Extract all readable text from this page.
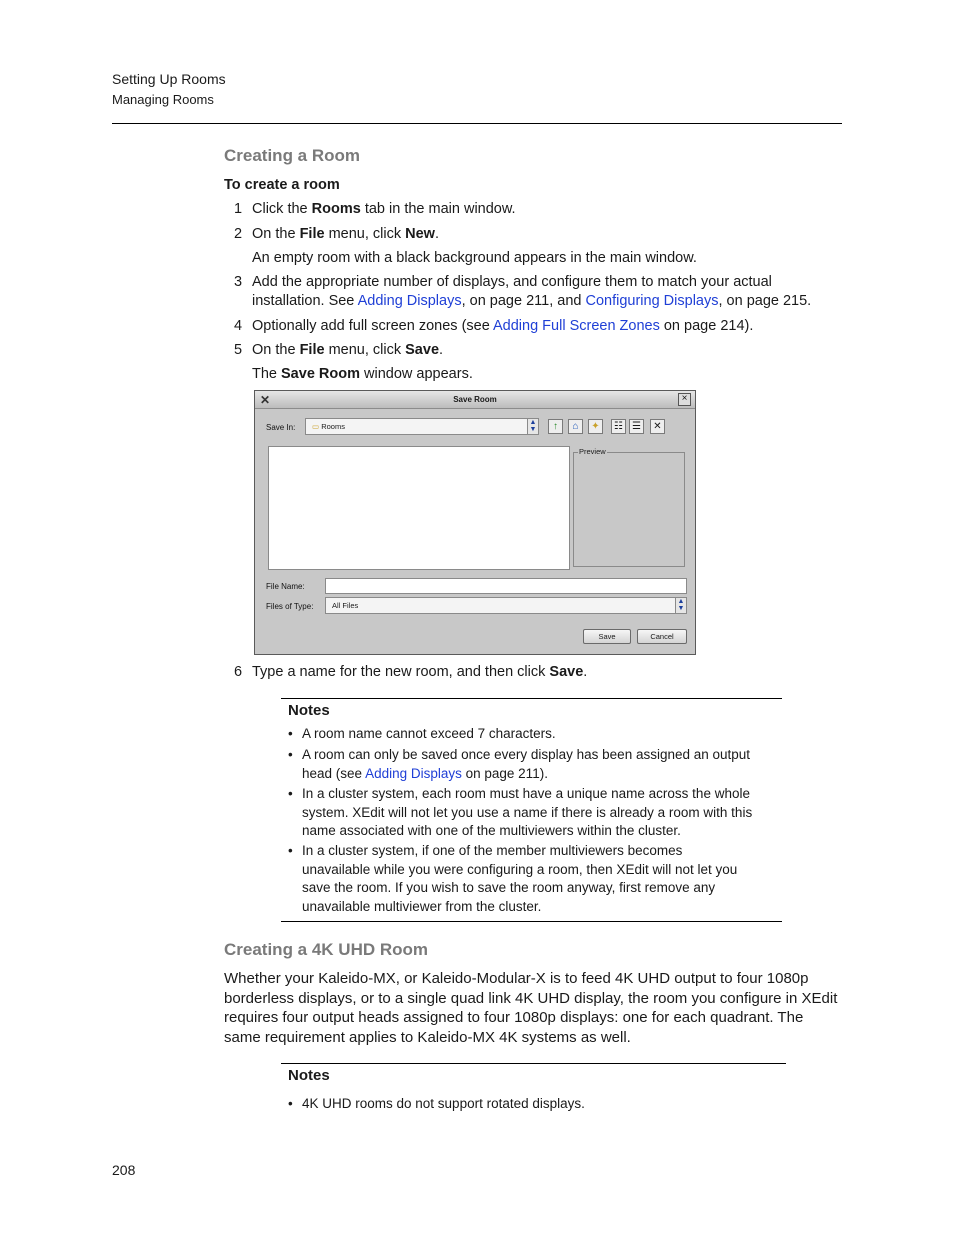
Setting Up Rooms
Managing Rooms
Creating a Room
To create a room
1 Click the Rooms tab in the main window.
2 On the File menu, click New.
An empty room with a black background appears in the main window.
3 Add the appropriate number of displays, and configure them to match your actual
installation. See Adding Displays, on page 211, and Configuring Displays, on page 215.
4 Optionally add full screen zones (see Adding Full Screen Zones on page 214).
5 On the File menu, click Save.
The Save Room window appears.
✕	Save Room	×
Save In: ▭ Rooms	▲
▼	↑	⌂	✦	☷ ☰	✕
Preview
File Name:
Files of Type: All Files	▲
▼
Save	Cancel
6 Type a name for the new room, and then click Save.
Notes
• A room name cannot exceed 7 characters.
• A room can only be saved once every display has been assigned an output
head (see Adding Displays on page 211).
• In a cluster system, each room must have a unique name across the whole
system. XEdit will not let you use a name if there is already a room with this
name associated with one of the multiviewers within the cluster.
• In a cluster system, if one of the member multiviewers becomes
unavailable while you were configuring a room, then XEdit will not let you
save the room. If you wish to save the room anyway, first remove any
unavailable multiviewer from the cluster.
Creating a 4K UHD Room
Whether your Kaleido-MX, or Kaleido-Modular-X is to feed 4K UHD output to four 1080p
borderless displays, or to a single quad link 4K UHD display, the room you configure in XEdit
requires four output heads assigned to four 1080p displays: one for each quadrant. The
same requirement applies to Kaleido-MX 4K systems as well.
Notes
• 4K UHD rooms do not support rotated displays.
208
